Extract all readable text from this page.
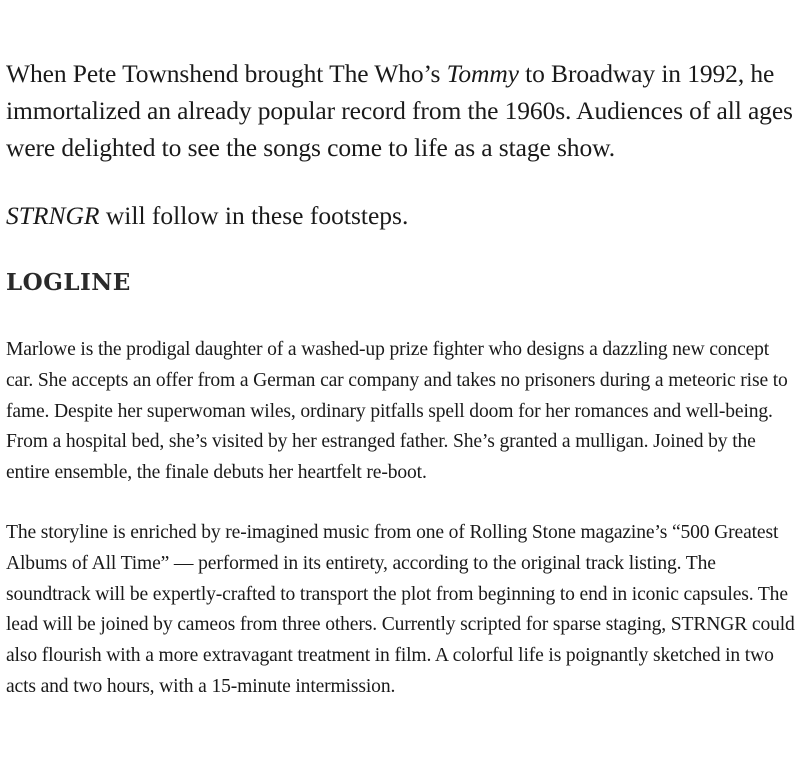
When Pete Townshend brought The Who’s Tommy to Broadway in 1992, he immortalized an already popular record from the 1960s. Audiences of all ages were delighted to see the songs come to life as a stage show.

STRNGR will follow in these footsteps.

LOGLINE

Marlowe is the prodigal daughter of a washed-up prize fighter who designs a dazzling new concept car. She accepts an offer from a German car company and takes no prisoners during a meteoric rise to fame. Despite her superwoman wiles, ordinary pitfalls spell doom for her romances and well-being. From a hospital bed, she’s visited by her estranged father. She’s granted a mulligan. Joined by the entire ensemble, the finale debuts her heartfelt re-boot.

The storyline is enriched by re-imagined music from one of Rolling Stone magazine’s “500 Greatest Albums of All Time” — performed in its entirety, according to the original track listing. The soundtrack will be expertly-crafted to transport the plot from beginning to end in iconic capsules. The lead will be joined by cameos from three others. Currently scripted for sparse staging, STRNGR could also flourish with a more extravagant treatment in film. A colorful life is poignantly sketched in two acts and two hours, with a 15-minute intermission.
